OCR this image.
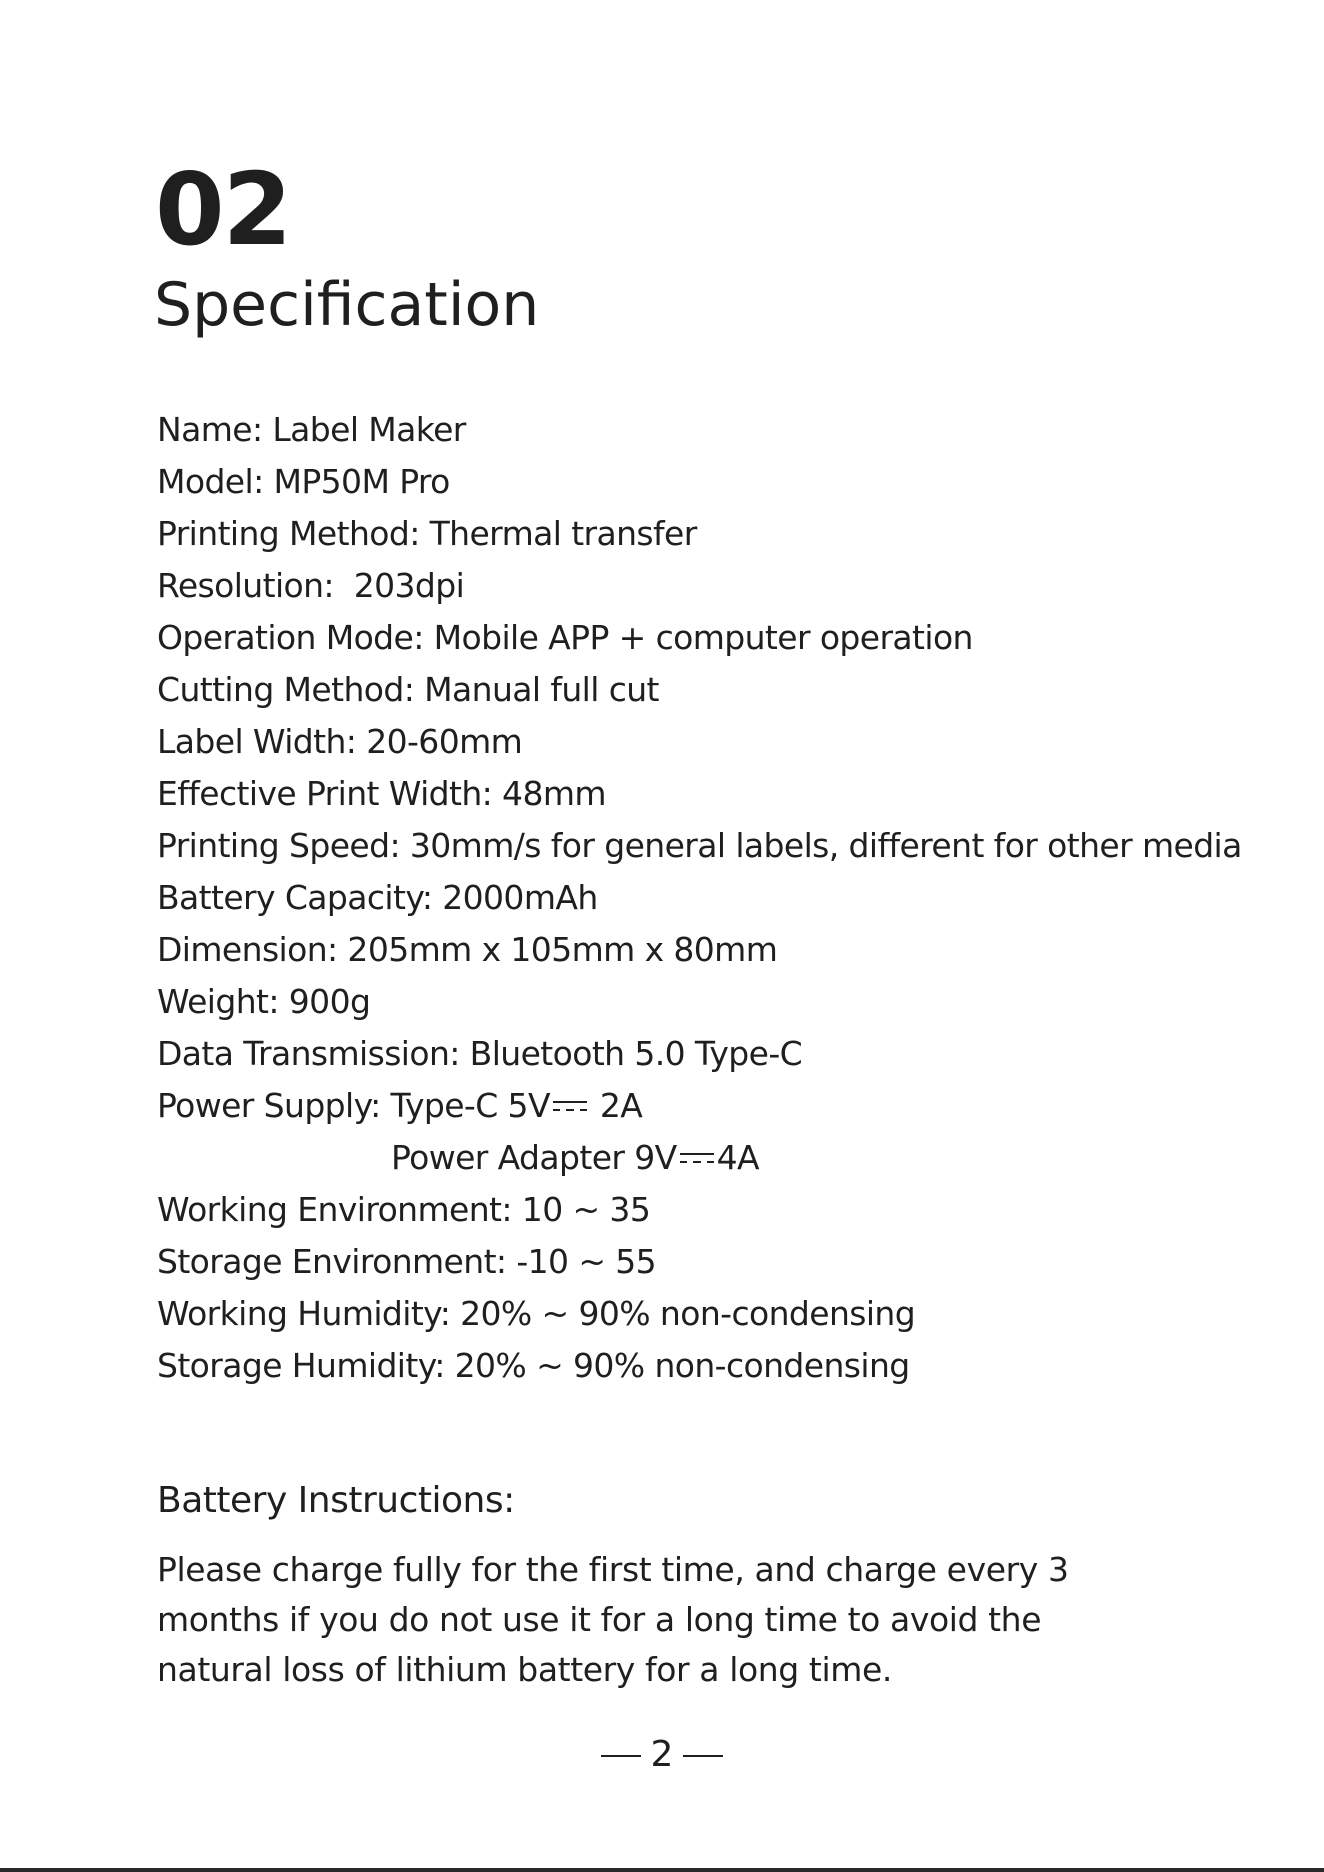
02
Specification
Name: Label Maker
Model: MP50M Pro
Printing Method: Thermal transfer
Resolution:  203dpi
Operation Mode: Mobile APP + computer operation
Cutting Method: Manual full cut
Label Width: 20-60mm
Effective Print Width: 48mm
Printing Speed: 30mm/s for general labels, different for other media
Battery Capacity: 2000mAh
Dimension: 205mm x 105mm x 80mm
Weight: 900g
Data Transmission: Bluetooth 5.0 Type-C
Power Supply: Type-C 5V 2A
Power Adapter 9V 4A
Working Environment: 10 ~ 35
Storage Environment: -10 ~ 55
Working Humidity: 20% ~ 90% non-condensing
Storage Humidity: 20% ~ 90% non-condensing
Battery Instructions:

Please charge fully for the first time, and charge every 3 months if you do not use it for a long time to avoid the natural loss of lithium battery for a long time.

2
